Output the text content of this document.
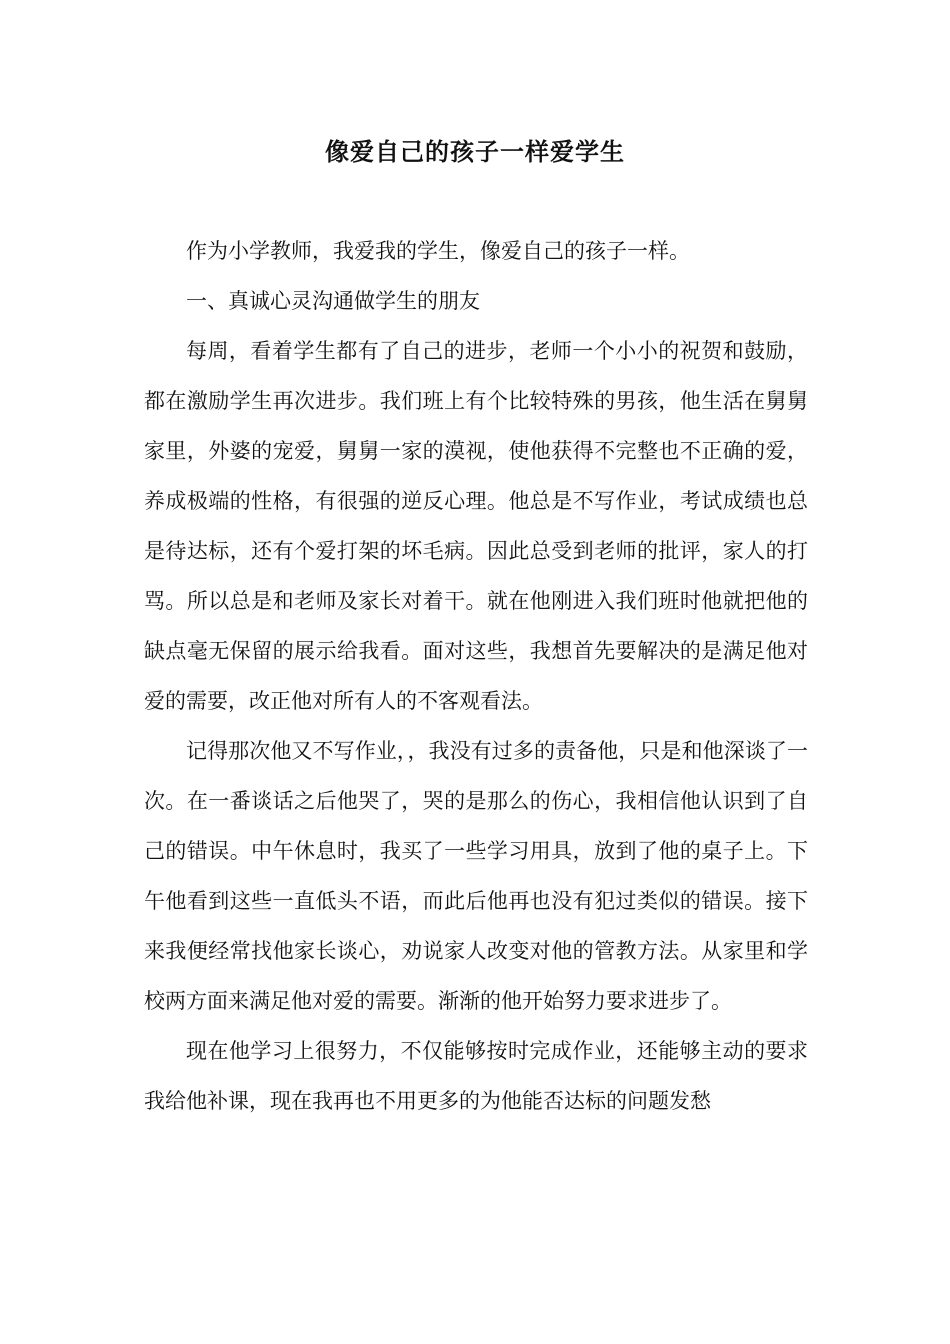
像爱自己的孩子一样爱学生

作为小学教师，我爱我的学生，像爱自己的孩子一样。

一、真诚心灵沟通做学生的朋友

每周，看着学生都有了自己的进步，老师一个小小的祝贺和鼓励，都在激励学生再次进步。我们班上有个比较特殊的男孩，他生活在舅舅家里，外婆的宠爱，舅舅一家的漠视，使他获得不完整也不正确的爱，养成极端的性格，有很强的逆反心理。他总是不写作业，考试成绩也总是待达标，还有个爱打架的坏毛病。因此总受到老师的批评，家人的打骂。所以总是和老师及家长对着干。就在他刚进入我们班时他就把他的缺点毫无保留的展示给我看。面对这些，我想首先要解决的是满足他对爱的需要，改正他对所有人的不客观看法。

记得那次他又不写作业，，我没有过多的责备他，只是和他深谈了一次。在一番谈话之后他哭了，哭的是那么的伤心，我相信他认识到了自己的错误。中午休息时，我买了一些学习用具，放到了他的桌子上。下午他看到这些一直低头不语，而此后他再也没有犯过类似的错误。接下来我便经常找他家长谈心，劝说家人改变对他的管教方法。从家里和学校两方面来满足他对爱的需要。渐渐的他开始努力要求进步了。

现在他学习上很努力，不仅能够按时完成作业，还能够主动的要求我给他补课，现在我再也不用更多的为他能否达标的问题发愁
